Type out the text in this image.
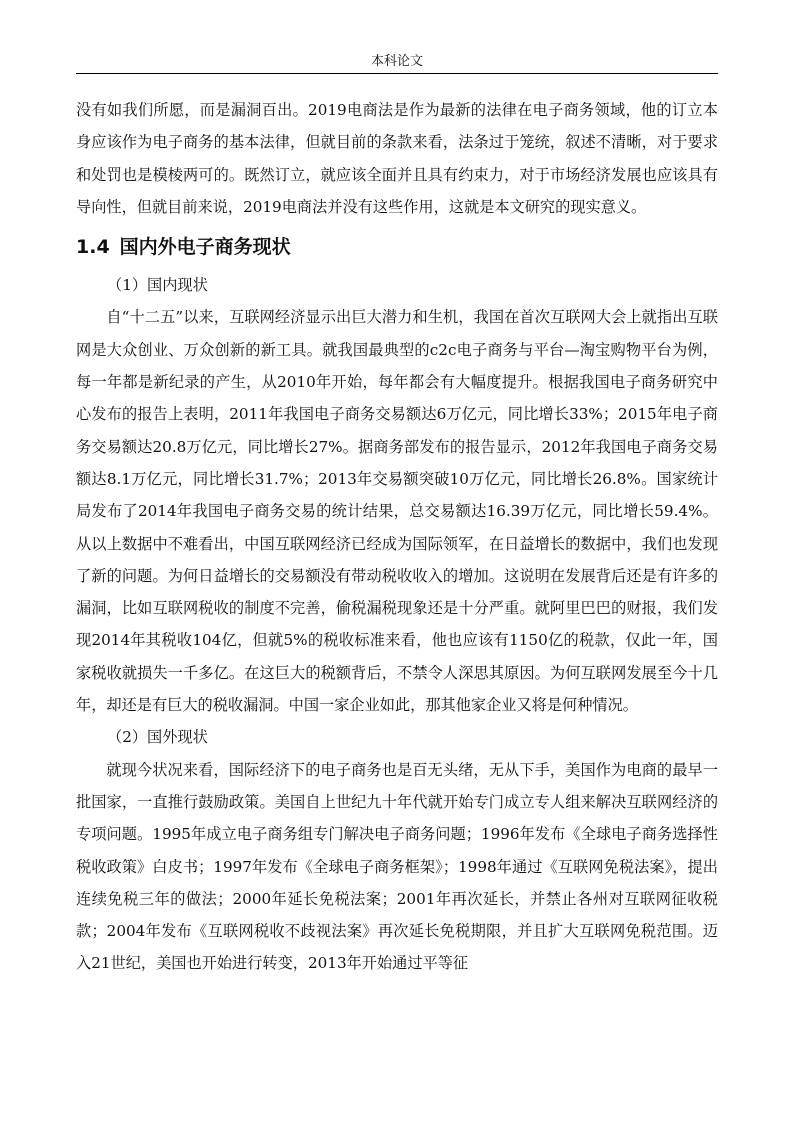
本科论文

没有如我们所愿，而是漏洞百出。2019电商法是作为最新的法律在电子商务领域，他的订立本身应该作为电子商务的基本法律，但就目前的条款来看，法条过于笼统，叙述不清晰，对于要求和处罚也是模棱两可的。既然订立，就应该全面并且具有约束力，对于市场经济发展也应该具有导向性，但就目前来说，2019电商法并没有这些作用，这就是本文研究的现实意义。

1.4 国内外电子商务现状

（1）国内现状

自“十二五”以来，互联网经济显示出巨大潜力和生机，我国在首次互联网大会上就指出互联网是大众创业、万众创新的新工具。就我国最典型的c2c电子商务与平台—淘宝购物平台为例，每一年都是新纪录的产生，从2010年开始，每年都会有大幅度提升。根据我国电子商务研究中心发布的报告上表明，2011年我国电子商务交易额达6万亿元，同比增长33%；2015年电子商务交易额达20.8万亿元，同比增长27%。据商务部发布的报告显示，2012年我国电子商务交易额达8.1万亿元，同比增长31.7%；2013年交易额突破10万亿元，同比增长26.8%。国家统计局发布了2014年我国电子商务交易的统计结果，总交易额达16.39万亿元，同比增长59.4%。从以上数据中不难看出，中国互联网经济已经成为国际领军，在日益增长的数据中，我们也发现了新的问题。为何日益增长的交易额没有带动税收收入的增加。这说明在发展背后还是有许多的漏洞，比如互联网税收的制度不完善，偷税漏税现象还是十分严重。就阿里巴巴的财报，我们发现2014年其税收104亿，但就5%的税收标准来看，他也应该有1150亿的税款，仅此一年，国家税收就损失一千多亿。在这巨大的税额背后，不禁令人深思其原因。为何互联网发展至今十几年，却还是有巨大的税收漏洞。中国一家企业如此，那其他家企业又将是何种情况。

（2）国外现状

就现今状况来看，国际经济下的电子商务也是百无头绪，无从下手，美国作为电商的最早一批国家，一直推行鼓励政策。美国自上世纪九十年代就开始专门成立专人组来解决互联网经济的专项问题。1995年成立电子商务组专门解决电子商务问题；1996年发布《全球电子商务选择性税收政策》白皮书；1997年发布《全球电子商务框架》；1998年通过《互联网免税法案》，提出连续免税三年的做法；2000年延长免税法案；2001年再次延长，并禁止各州对互联网征收税款；2004年发布《互联网税收不歧视法案》再次延长免税期限，并且扩大互联网免税范围。迈入21世纪，美国也开始进行转变，2013年开始通过平等征
